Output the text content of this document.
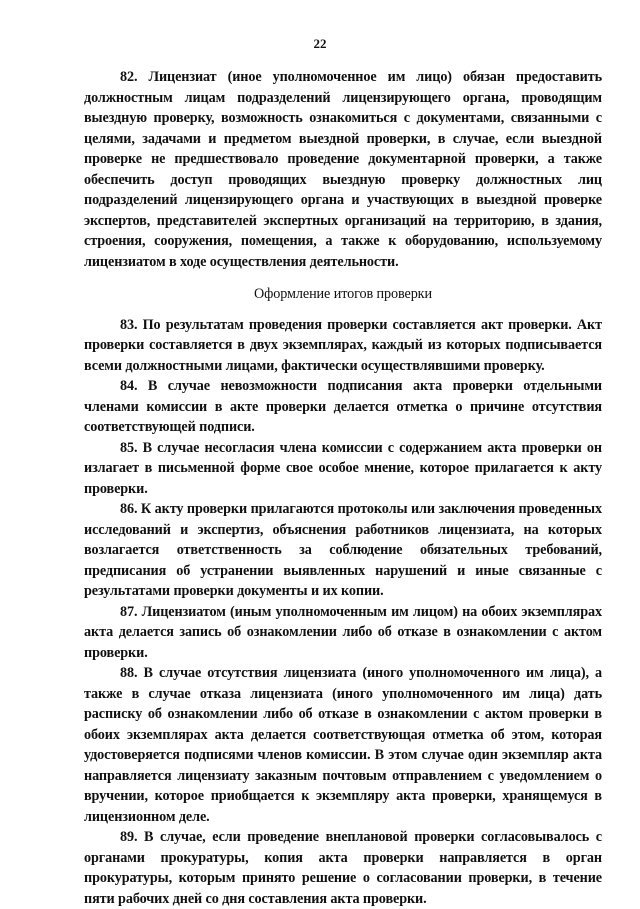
22

82. Лицензиат (иное уполномоченное им лицо) обязан предоставить должностным лицам подразделений лицензирующего органа, проводящим выездную проверку, возможность ознакомиться с документами, связанными с целями, задачами и предметом выездной проверки, в случае, если выездной проверке не предшествовало проведение документарной проверки, а также обеспечить доступ проводящих выездную проверку должностных лиц подразделений лицензирующего органа и участвующих в выездной проверке экспертов, представителей экспертных организаций на территорию, в здания, строения, сооружения, помещения, а также к оборудованию, используемому лицензиатом в ходе осуществления деятельности.

Оформление итогов проверки

83. По результатам проведения проверки составляется акт проверки. Акт проверки составляется в двух экземплярах, каждый из которых подписывается всеми должностными лицами, фактически осуществлявшими проверку.

84. В случае невозможности подписания акта проверки отдельными членами комиссии в акте проверки делается отметка о причине отсутствия соответствующей подписи.

85. В случае несогласия члена комиссии с содержанием акта проверки он излагает в письменной форме свое особое мнение, которое прилагается к акту проверки.

86. К акту проверки прилагаются протоколы или заключения проведенных исследований и экспертиз, объяснения работников лицензиата, на которых возлагается ответственность за соблюдение обязательных требований, предписания об устранении выявленных нарушений и иные связанные с результатами проверки документы и их копии.

87. Лицензиатом (иным уполномоченным им лицом) на обоих экземплярах акта делается запись об ознакомлении либо об отказе в ознакомлении с актом проверки.

88. В случае отсутствия лицензиата (иного уполномоченного им лица), а также в случае отказа лицензиата (иного уполномоченного им лица) дать расписку об ознакомлении либо об отказе в ознакомлении с актом проверки в обоих экземплярах акта делается соответствующая отметка об этом, которая удостоверяется подписями членов комиссии. В этом случае один экземпляр акта направляется лицензиату заказным почтовым отправлением с уведомлением о вручении, которое приобщается к экземпляру акта проверки, хранящемуся в лицензионном деле.

89. В случае, если проведение внеплановой проверки согласовывалось с органами прокуратуры, копия акта проверки направляется в орган прокуратуры, которым принято решение о согласовании проверки, в течение пяти рабочих дней со дня составления акта проверки.
